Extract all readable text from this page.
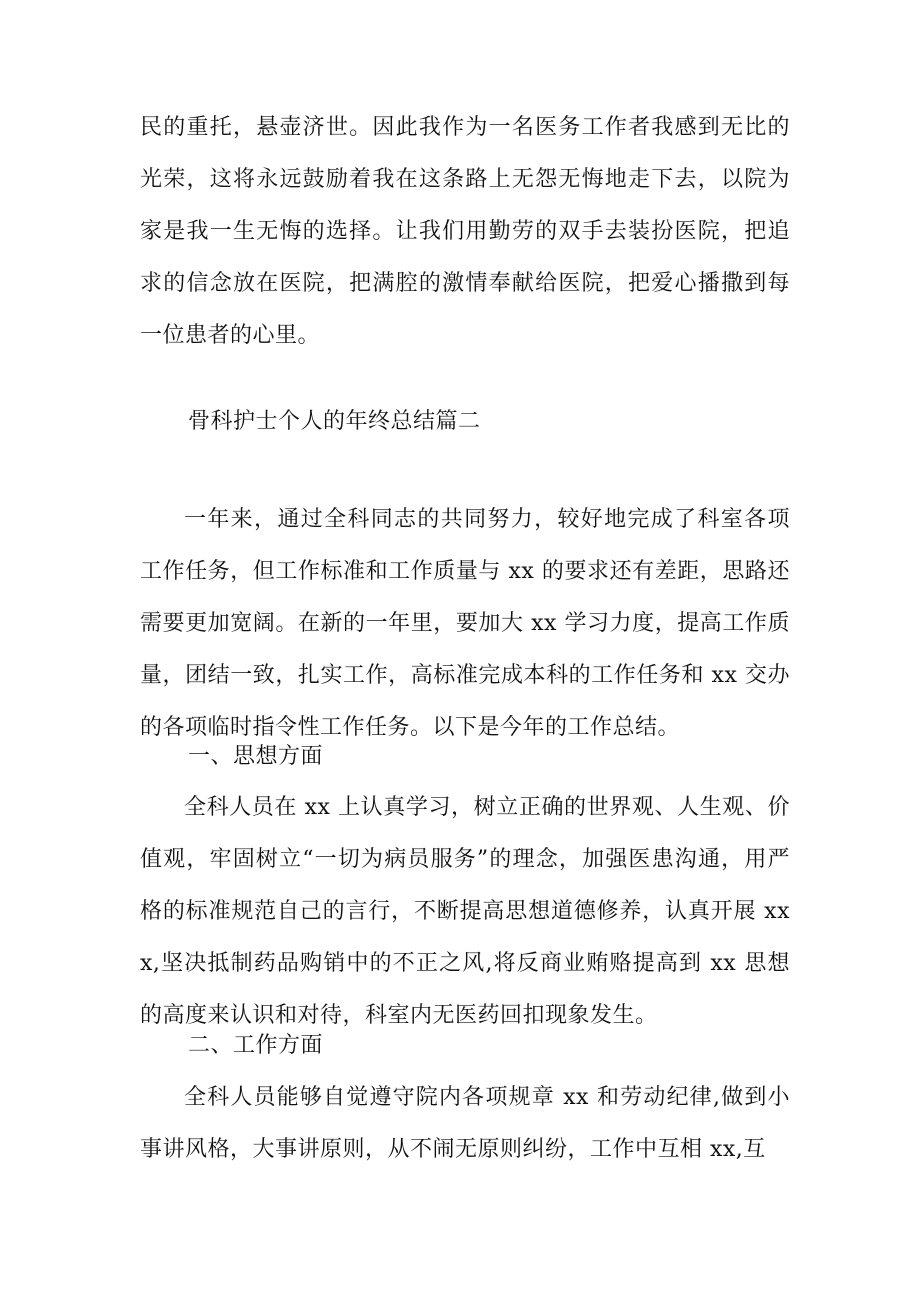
民的重托，悬壶济世。因此我作为一名医务工作者我感到无比的光荣，这将永远鼓励着我在这条路上无怨无悔地走下去，以院为家是我一生无悔的选择。让我们用勤劳的双手去装扮医院，把追求的信念放在医院，把满腔的激情奉献给医院，把爱心播撒到每一位患者的心里。

骨科护士个人的年终总结篇二

一年来，通过全科同志的共同努力，较好地完成了科室各项工作任务，但工作标准和工作质量与 xx 的要求还有差距，思路还需要更加宽阔。在新的一年里，要加大 xx 学习力度，提高工作质量，团结一致，扎实工作，高标准完成本科的工作任务和 xx 交办的各项临时指令性工作任务。以下是今年的工作总结。

一、思想方面

全科人员在 xx 上认真学习，树立正确的世界观、人生观、价值观，牢固树立“一切为病员服务”的理念，加强医患沟通，用严格的标准规范自己的言行，不断提高思想道德修养，认真开展 xxx,坚决抵制药品购销中的不正之风,将反商业贿赂提高到 xx 思想的高度来认识和对待，科室内无医药回扣现象发生。

二、工作方面

全科人员能够自觉遵守院内各项规章 xx 和劳动纪律,做到小事讲风格，大事讲原则，从不闹无原则纠纷，工作中互相 xx,互
